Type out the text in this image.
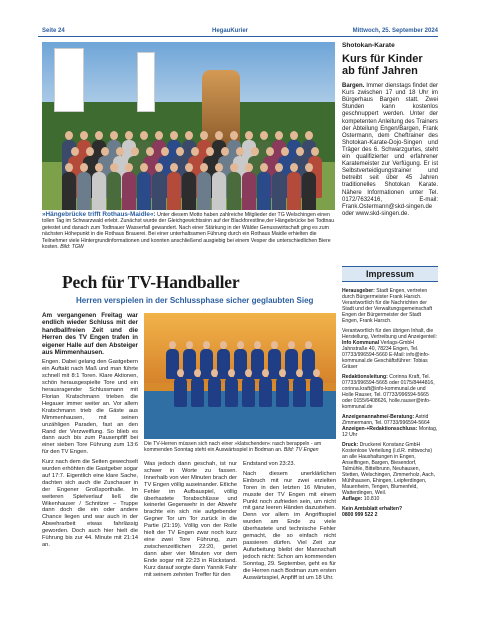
Seite 24	HegauKurier	Mittwoch, 25. September 2024
»Hängebrücke trifft Rothaus-Maidle«: Unter diesem Motto haben zahlreiche Mitglieder der TG Welschingen einen tollen Tag im Schwarzwald erlebt. Zunächst wurde der Gleichgewichtssinn auf der Blackforestline,der Hängebrücke bei Todtnau getestet und danach zum Todtnauer Wasserfall gewandert. Nach einer Stärkung in der Wälder Genusswirtschaft ging es zum nächsten Höhepunkt in die Rothaus Brauerei. Bei einer unterhaltsamen Führung durch ein Rothaus Maidle erhielten die Teilnehmer viele Hintergrundinformationen und konnten anschließend ausgiebig bei einem Vesper die unterschiedlichen Biere kosten. Bild: TGW
Shotokan-Karate
Kurs für Kinder ab fünf Jahren

Bargen. Immer dienstags findet der Kurs zwischen 17 und 18 Uhr im Bürgerhaus Bargen statt. Zwei Stunden kann kostenlos geschnuppert werden. Unter der kompetenten Anleitung des Trainers der Abteilung Engen/Bargen, Frank Ostermann, dem Cheftrainer des Shotokan-Karate-Dojo-Singen und Träger des 6. Schwarzgurtes, steht ein qualifizierter und erfahrener Karatemeister zur Verfügung. Er ist Selbstverteidigungstrainer und betreibt seit über 45 Jahren traditionelles Shotokan Karate. Nähere Informationen unter Tel. 0172/7632416, E-mail: Frank.Ostermann@skd-singen.de oder www.skd-singen.de.

Pech für TV-Handballer
Herren verspielen in der Schlussphase sicher geglaubten Sieg

Am vergangenen Freitag war endlich wieder Schluss mit der handballfreien Zeit und die Herren des TV Engen trafen in eigener Halle auf den Absteiger aus Mimmenhausen.

Engen. Dabei gelang den Gastgebern ein Auftakt nach Maß und man führte schnell mit 8:1 Toren. Klare Aktionen, schön herausgespielte Tore und ein herausragender Schlussmann mit Florian Kratschmann trieben die Hegauer immer weiter an. Vor allem Kratschmann trieb die Gäste aus Mimmenhausen, mit seinen unzähligen Paraden, fast an den Rand der Verzweiflung. So blieb es dann auch bis zum Pausenpfiff bei einer sieben Tore Führung zum 13:6 für den TV Engen.

Kurz nach dem die Seiten gewechselt wurden erhöhten die Gastgeber sogar auf 17:7. Eigentlich eine klare Sache, dachten sich auch die Zuschauer in der Engener Großsporthalle. Im weiteren Spielverlauf ließ die Wikenhauser / Schnitzer – Truppe dann doch die ein oder andere Chance liegen und war auch in der Abwehrarbeit etwas fahrlässig geworden. Doch auch hier hielt die Führung bis zur 44. Minute mit 21:14 an.

Die TV-Herren müssen sich nach einer »klatschenden« rasch berappeln - am kommenden Sonntag steht ein Auswärtsspiel in Bodman an. Bild: TV Engen

Was jedoch dann geschah, ist nur schwer in Worte zu fassen. Innerhalb von vier Minuten brach der TV Engen völlig auseinander. Etliche Fehler im Aufbauspiel, völlig überhastete Torabschlüsse und keinerlei Gegenwehr in der Abwehr brachte ein sich nie aufgebender Gegner Tor um Tor zurück in die Partie (21:19). Völlig von der Rolle hielt der TV Engen zwar noch kurz eine zwei Tore Führung, zum zwischenzeitlichen 22:20, geriet dann aber vier Minuten vor dem Ende sogar mit 22:23 in Rückstand. Kurz darauf sorgte dann Yannik Fahr mit seinem zehnten Treffer für den

Endstand von 23:23.

Nach diesem unerklärlichen Einbruch mit nur zwei erzielten Toren in den letzten 16 Minuten, musste der TV Engen mit einem Punkt noch zufrieden sein, um nicht mit ganz leeren Händen dazustehen. Denn vor allem im Angriffsspiel wurden am Ende zu viele überhastete und technische Fehler gemacht, die so einfach nicht passieren dürfen. Viel Zeit zur Aufarbeitung bleibt der Mannschaft jedoch nicht: Schon am kommenden Sonntag, 29. September, geht es für die Herren nach Bodman zum ersten Auswärtsspiel, Anpfiff ist um 18 Uhr.

Impressum

Herausgeber: Stadt Engen, vertreten durch Bürgermeister Frank Harsch. Verantwortlich für die Nachrichten der Stadt und der Verwaltungsgemeinschaft Engen der Bürgermeister der Stadt Engen, Frank Harsch.

Verantwortlich für den übrigen Inhalt, die Herstellung, Vertreibung und Anzeigenteil: Info Kommunal Verlags-GmbH Jahnstraße 40, 78234 Engen, Tel. 07733/996594-5660 E-Mail: info@info-kommunal.de Geschäftsführer: Tobias Gräser

Redaktionsleitung: Corinna Kraft, Tel. 07733/996594-5665 oder 0175/8444816, corinna.kraft@info-kommunal.de und Holle Rauser, Tel. 07733/996594-5665 oder 0155/6408626, holle.rauser@info-kommunal.de

Anzeigenannahme/-Beratung: Astrid Zimmermann, Tel. 07733/996594-5664
Anzeigen-+Redaktionsschluss: Montag, 12 Uhr

Druck: Druckerei Konstanz GmbH Kostenlose Verteilung (i.d.R. mittwochs) an alle Haushaltungen in Engen, Anselfingen, Bargen, Biesendorf, Talmühle, Bittelbrunn, Neuhausen, Stetten, Welschingen, Zimmerholz, Aach, Mühlhausen, Ehingen, Leipferdingen, Mauenheim, Tengen, Blumenfeld, Watterdingen, Weil.
Auflage: 10.810

Kein Amtsblatt erhalten?
0800 999 522 2
